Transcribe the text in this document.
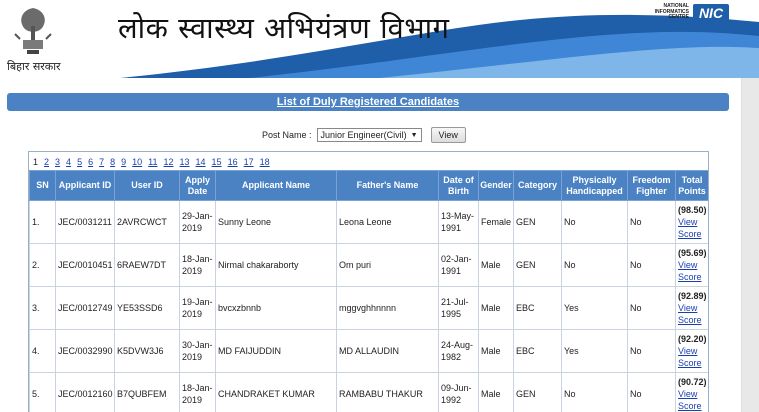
बिहार सरकार
लोक स्वास्थ्य अभियंत्रण विभाग
NATIONAL INFORMATICS CENTRE NIC
List of Duly Registered Candidates
Post Name : Junior Engineer(Civil) ▼	View
1 2 3 4 5 6 7 8 9 10 11 12 13 14 15 16 17 18
SN	Applicant ID	User ID	Apply Date	Applicant Name	Father's Name	Date of Birth	Gender	Category	Physically Handicapped	Freedom Fighter	Total Points
1.	JEC/0031211	2AVRCWCT	29-Jan-2019	Sunny Leone	Leona Leone	13-May-1991	Female	GEN	No	No	(98.50)
View Score

2.	JEC/0010451	6RAEW7DT	18-Jan-2019	Nirmal chakaraborty	Om puri	02-Jan-1991	Male	GEN	No	No	(95.69)
View Score

3.	JEC/0012749	YE53SSD6	19-Jan-2019	bvcxzbnnb	mggvghhnnnn	21-Jul-1995	Male	EBC	Yes	No	(92.89)
View Score

4.	JEC/0032990	K5DVW3J6	30-Jan-2019	MD FAIJUDDIN	MD ALLAUDIN	24-Aug-1982	Male	EBC	Yes	No	(92.20)
View Score

5.	JEC/0012160	B7QUBFEM	18-Jan-2019	CHANDRAKET KUMAR	RAMBABU THAKUR	09-Jun-1992	Male	GEN	No	No	(90.72)
View Score
